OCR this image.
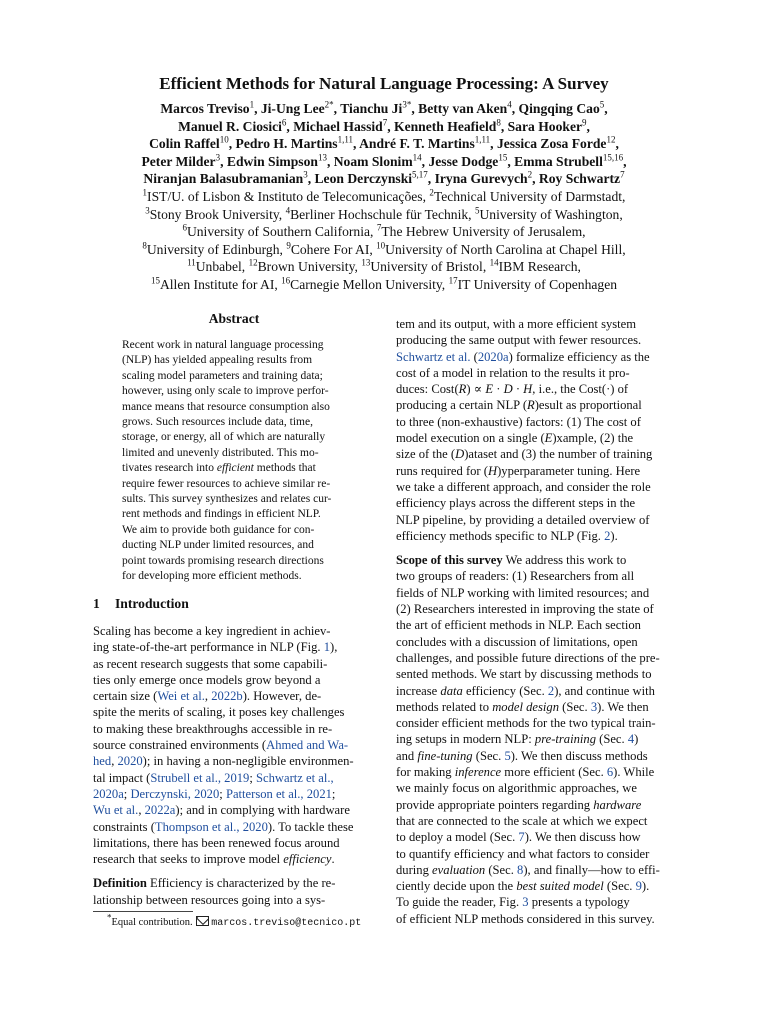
Efficient Methods for Natural Language Processing: A Survey
Marcos Treviso$^1$, Ji-Ung Lee$^{2*}$, Tianchu $Ji^{3*}$, Betty van Aken$^4$, Qingqing Cao$^5$,
Manuel R. Ciosici$^6$, Michael Hassid$^7$, Kenneth Heafield$^8$, Sara Hooker$^9$,
Colin Raffel$^{10}$, Pedro H. Martins$^{1,11}$, André F. T. Martins$^{1,11}$, Jessica Zosa Forde$^{12}$,
Peter Milder$^3$, Edwin Simpson$^{13}$, Noam Slonim$^{14}$, Jesse Dodge$^{15}$, Emma Strubell$^{15,16}$,
Niranjan Balasubramanian$^3$, Leon Derczynski$^{5,17}$, Iryna Gurevych$^2$, Roy Schwartz$^7$
$^1$IST/U. of Lisbon & Instituto de Telecomunicações, $^2$Technical University of Darmstadt,
$^3$Stony Brook University, $^4$Berliner Hochschule für Technik, $^5$University of Washington,
$^6$University of Southern California, $^7$The Hebrew University of Jerusalem,
$^8$University of Edinburgh, $^9$Cohere For AI, $^{10}$University of North Carolina at Chapel Hill,
$^{11}$Unbabel, $^{12}$Brown University, $^{13}$University of Bristol, $^{14}$IBM Research,
$^{15}$Allen Institute for AI, $^{16}$Carnegie Mellon University, $^{17}$IT University of Copenhagen
Abstract
Recent work in natural language processing
(NLP) has yielded appealing results from
scaling model parameters and training data;
however, using only scale to improve perfor-
mance means that resource consumption also
grows. Such resources include data, time,
storage, or energy, all of which are naturally
limited and unevenly distributed. This mo-
tivates research into efficient methods that
require fewer resources to achieve similar re-
sults. This survey synthesizes and relates cur-
rent methods and findings in efficient NLP.
We aim to provide both guidance for con-
ducting NLP under limited resources, and
point towards promising research directions
for developing more efficient methods.
1 Introduction
Scaling has become a key ingredient in achiev-
ing state-of-the-art performance in NLP (Fig. 1),
as recent research suggests that some capabili-
ties only emerge once models grow beyond a
certain size (Wei et al., 2022b). However, de-
spite the merits of scaling, it poses key challenges
to making these breakthroughs accessible in re-
source constrained environments (Ahmed and Wa-
hed, 2020); in having a non-negligible environmen-
tal impact (Strubell et al., 2019; Schwartz et al.,
2020a; Derczynski, 2020; Patterson et al., 2021;
Wu et al., 2022a); and in complying with hardware
constraints (Thompson et al., 2020). To tackle these
limitations, there has been renewed focus around
research that seeks to improve model efficiency.

Definition Efficiency is characterized by the re-
lationship between resources going into a sys-
tem and its output, with a more efficient system
producing the same output with fewer resources.
Schwartz et al. (2020a) formalize efficiency as the
cost of a model in relation to the results it pro-
duces: Cost(R) ∝ E · D · H, i.e., the Cost(·) of
producing a certain NLP (R)esult as proportional
to three (non-exhaustive) factors: (1) The cost of
model execution on a single (E)xample, (2) the
size of the (D)ataset and (3) the number of training
runs required for (H)yperparameter tuning. Here
we take a different approach, and consider the role
efficiency plays across the different steps in the
NLP pipeline, by providing a detailed overview of
efficiency methods specific to NLP (Fig. 2).

Scope of this survey We address this work to
two groups of readers: (1) Researchers from all
fields of NLP working with limited resources; and
(2) Researchers interested in improving the state of
the art of efficient methods in NLP. Each section
concludes with a discussion of limitations, open
challenges, and possible future directions of the pre-
sented methods. We start by discussing methods to
increase data efficiency (Sec. 2), and continue with
methods related to model design (Sec. 3). We then
consider efficient methods for the two typical train-
ing setups in modern NLP: pre-training (Sec. 4)
and fine-tuning (Sec. 5). We then discuss methods
for making inference more efficient (Sec. 6). While
we mainly focus on algorithmic approaches, we
provide appropriate pointers regarding hardware
that are connected to the scale at which we expect
to deploy a model (Sec. 7). We then discuss how
to quantify efficiency and what factors to consider
during evaluation (Sec. 8), and finally—how to effi-
ciently decide upon the best suited model (Sec. 9).
To guide the reader, Fig. 3 presents a typology
of efficient NLP methods considered in this survey.
*Equal contribution. marcos.treviso@tecnico.pt
